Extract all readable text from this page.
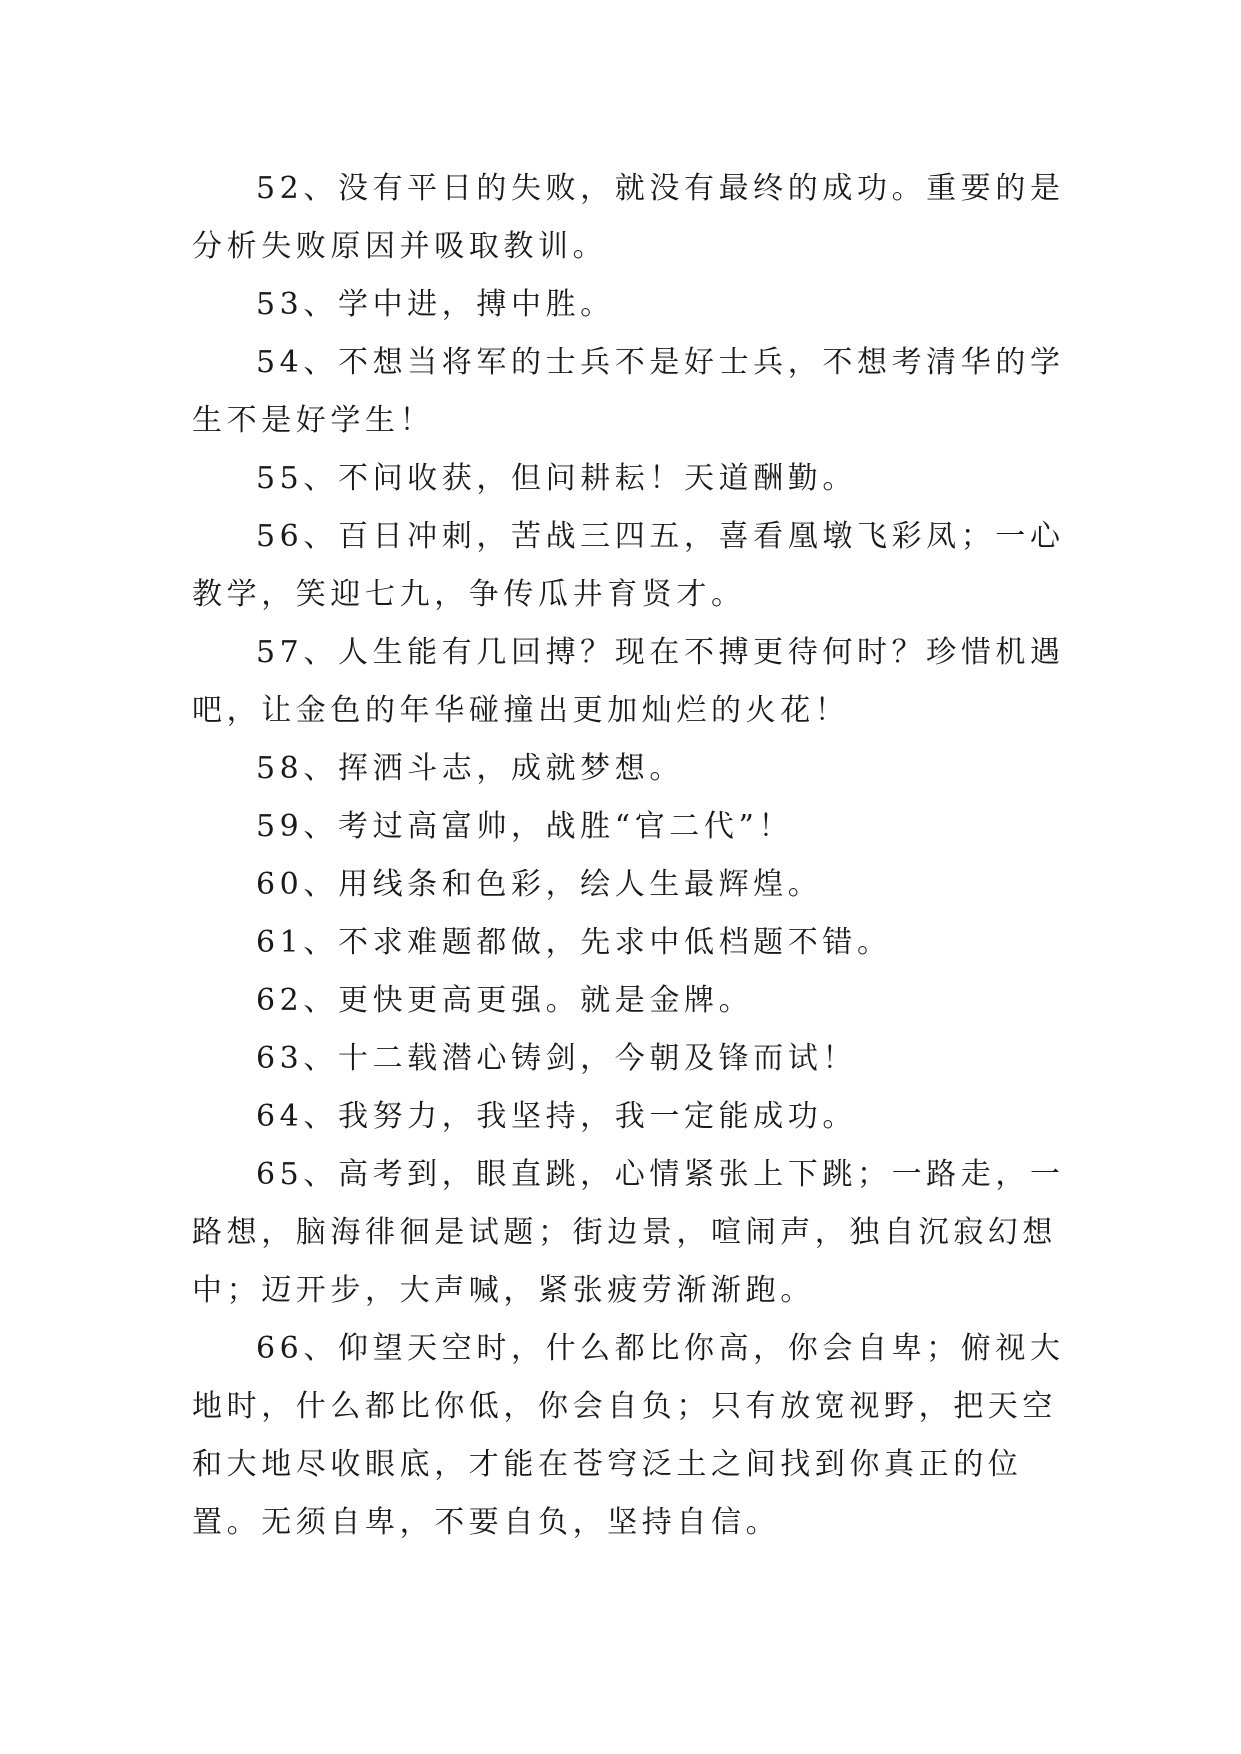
52、没有平日的失败，就没有最终的成功。重要的是分析失败原因并吸取教训。

53、学中进，搏中胜。

54、不想当将军的士兵不是好士兵，不想考清华的学生不是好学生！

55、不问收获，但问耕耘！天道酬勤。

56、百日冲刺，苦战三四五，喜看凰墩飞彩凤；一心教学，笑迎七九，争传瓜井育贤才。

57、人生能有几回搏？现在不搏更待何时？珍惜机遇吧，让金色的年华碰撞出更加灿烂的火花！

58、挥洒斗志，成就梦想。

59、考过高富帅，战胜“官二代”！

60、用线条和色彩，绘人生最辉煌。

61、不求难题都做，先求中低档题不错。

62、更快更高更强。就是金牌。

63、十二载潜心铸剑，今朝及锋而试！

64、我努力，我坚持，我一定能成功。

65、高考到，眼直跳，心情紧张上下跳；一路走，一路想，脑海徘徊是试题；街边景，喧闹声，独自沉寂幻想中；迈开步，大声喊，紧张疲劳渐渐跑。

66、仰望天空时，什么都比你高，你会自卑；俯视大地时，什么都比你低，你会自负；只有放宽视野，把天空和大地尽收眼底，才能在苍穹泛土之间找到你真正的位置。无须自卑，不要自负，坚持自信。
